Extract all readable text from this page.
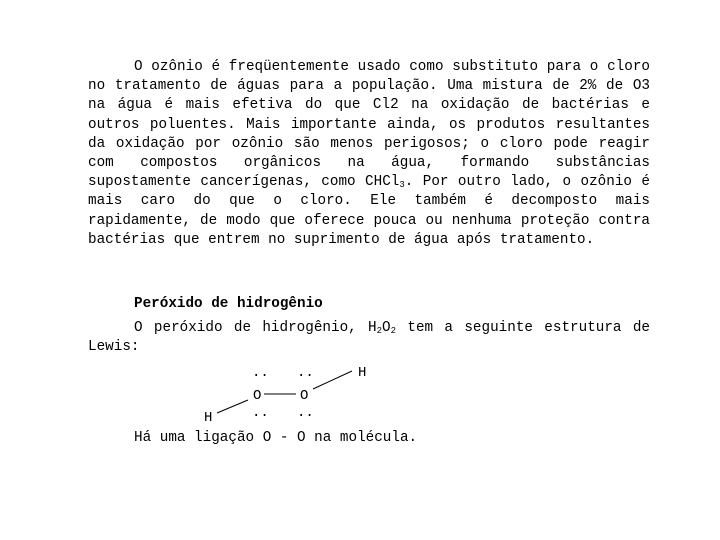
O ozônio é freqüentemente usado como substituto para o cloro no tratamento de águas para a população. Uma mistura de 2% de O3 na água é mais efetiva do que Cl2 na oxidação de bactérias e outros poluentes. Mais importante ainda, os produtos resultantes da oxidação por ozônio são menos perigosos; o cloro pode reagir com compostos orgânicos na água, formando substâncias supostamente cancerígenas, como CHCl$_3$. Por outro lado, o ozônio é mais caro do que o cloro. Ele também é decomposto mais rapidamente, de modo que oferece pouca ou nenhuma proteção contra bactérias que entrem no suprimento de água após tratamento.

Peróxido de hidrogênio

O peróxido de hidrogênio, $H_2O_2$ tem a seguinte estrutura de Lewis:

.. ..
O	O
.. ..
H
H

Há uma ligação O - O na molécula.
